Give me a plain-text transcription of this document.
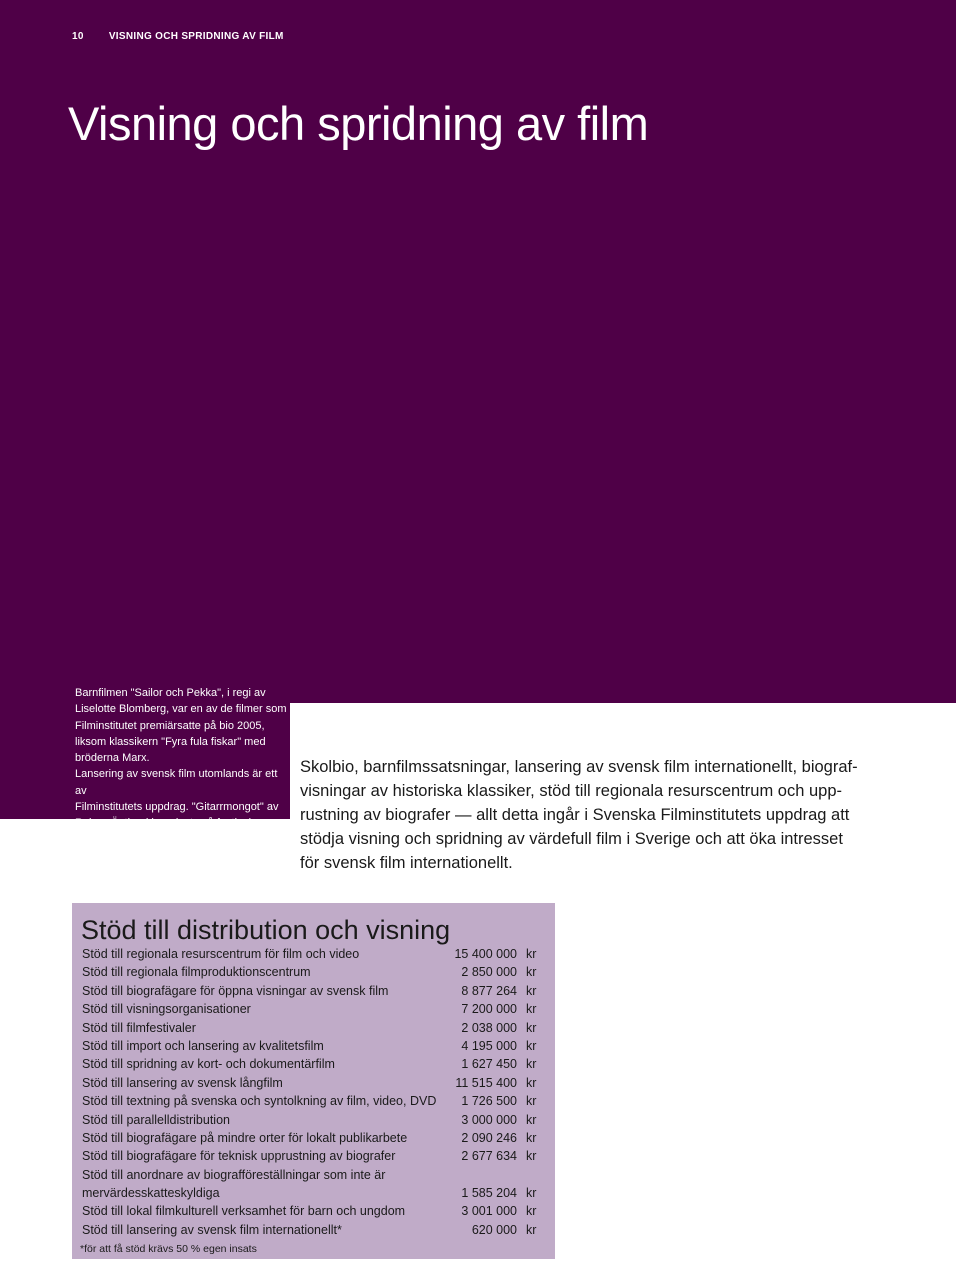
10	VISNING OCH SPRIDNING AV FILM
Visning och spridning av film
Barnfilmen "Sailor och Pekka", i regi av
Liselotte Blomberg, var en av de filmer som
Filminstitutet premiärsatte på bio 2005,
liksom klassikern "Fyra fula fiskar" med
bröderna Marx.
Lansering av svensk film utomlands är ett av
Filminstitutets uppdrag. "Gitarrmongot" av
Ruben Östlund har visats på festivaler
världen över.
Skolbio, barnfilmssatsningar, lansering av svensk film internationellt, biograf-
visningar av historiska klassiker, stöd till regionala resurscentrum och upp-
rustning av biografer — allt detta ingår i Svenska Filminstitutets uppdrag att
stödja visning och spridning av värdefull film i Sverige och att öka intresset
för svensk film internationellt.
Stöd till distribution och visning
Stöd till regionala resurscentrum för film och video	15 400 000 kr
Stöd till regionala filmproduktionscentrum	2 850 000 kr
Stöd till biografägare för öppna visningar av svensk film	8 877 264 kr
Stöd till visningsorganisationer	7 200 000 kr
Stöd till filmfestivaler	2 038 000 kr
Stöd till import och lansering av kvalitetsfilm	4 195 000 kr
Stöd till spridning av kort- och dokumentärfilm	1 627 450 kr
Stöd till lansering av svensk långfilm	11 515 400 kr
Stöd till textning på svenska och syntolkning av film, video, DVD 1 726 500 kr
Stöd till parallelldistribution	3 000 000 kr
Stöd till biografägare på mindre orter för lokalt publikarbete	2 090 246 kr
Stöd till biografägare för teknisk upprustning av biografer	2 677 634 kr
Stöd till anordnare av biografföreställningar som inte är
mervärdesskatteskyldiga	1 585 204 kr
Stöd till lokal filmkulturell verksamhet för barn och ungdom	3 001 000 kr
Stöd till lansering av svensk film internationellt*	620 000 kr
*för att få stöd krävs 50 % egen insats
